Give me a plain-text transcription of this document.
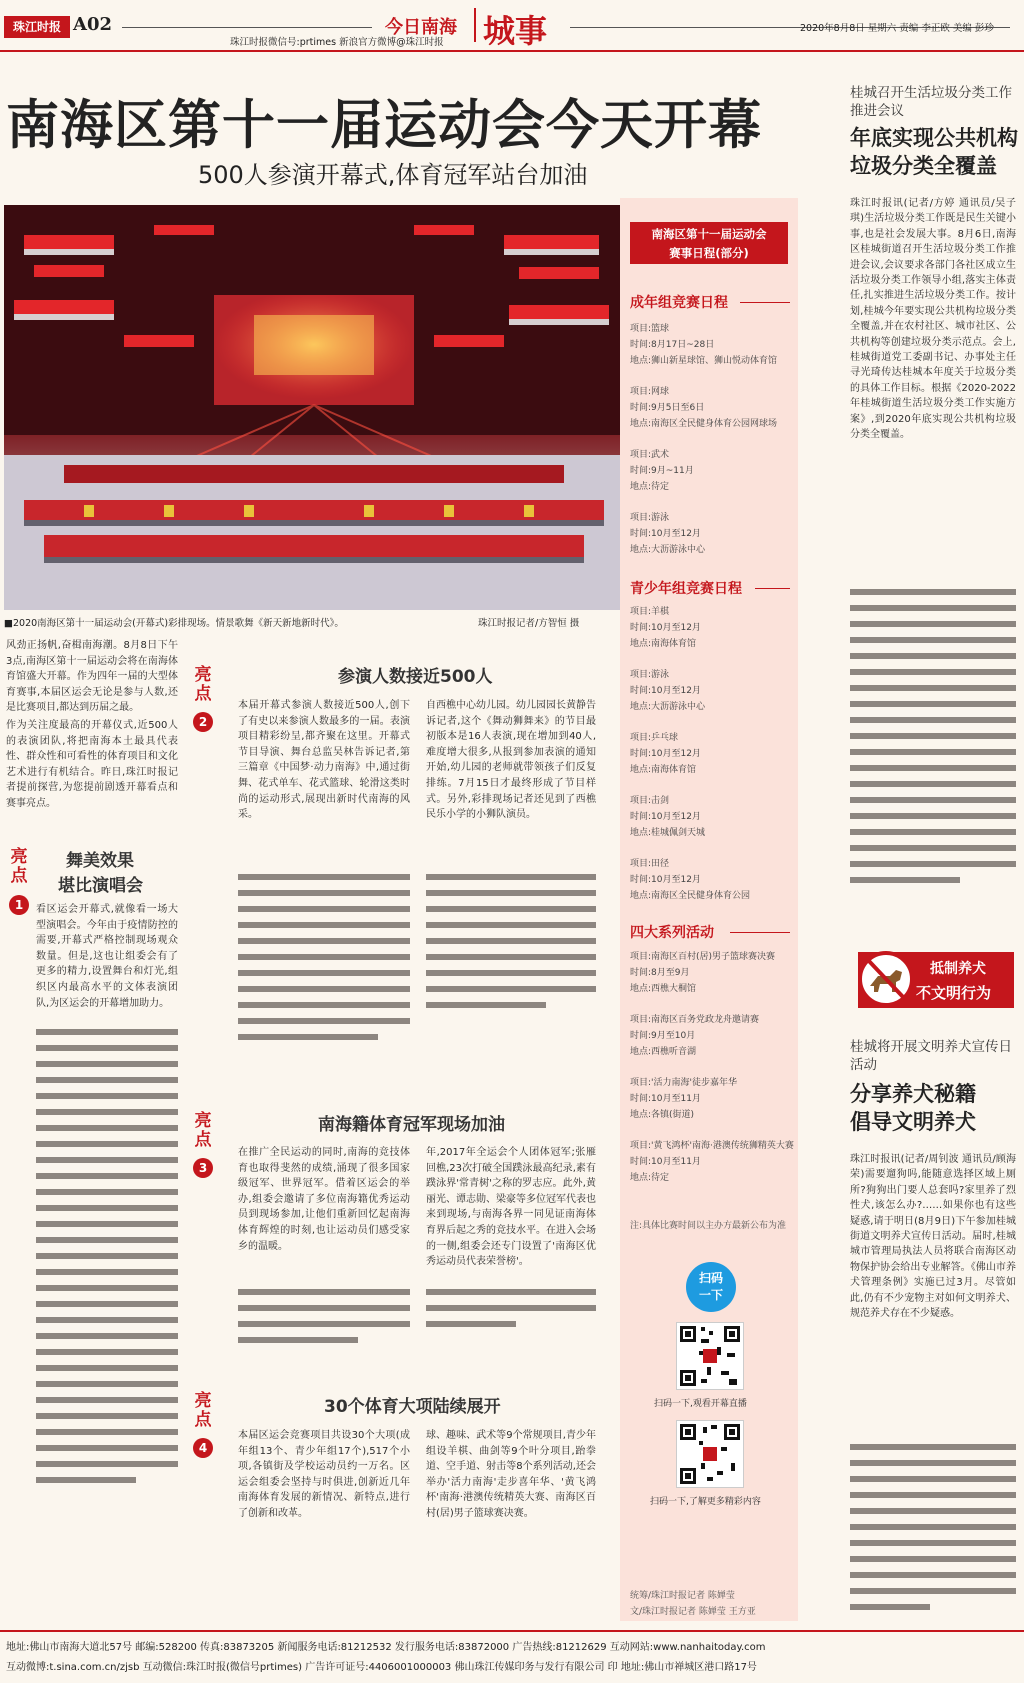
珠江时报 A02	今日南海 城事
珠江时报微信号:prtimes 新浪官方微博@珠江时报
2020年8月8日 星期六 责编 李正欧 美编 彭珍
南海区第十一届运动会今天开幕
500人参演开幕式,体育冠军站台加油
■2020南海区第十一届运动会(开幕式)彩排现场。情景歌舞《新天新地新时代》。	珠江时报记者/方智恒 摄
风劲正扬帆,奋楫南海潮。8月8日下午3点,南海区第十一届运动会将在南海体育馆盛大开幕。作为四年一届的大型体育赛事,本届区运会无论是参与人数,还是比赛项目,都达到历届之最。
作为关注度最高的开幕仪式,近500人的表演团队,将把南海本土最具代表性、群众性和可看性的体育项目和文化艺术进行有机结合。昨日,珠江时报记者提前探营,为您提前剧透开幕看点和赛事亮点。
亮点
1
舞美效果
堪比演唱会
看区运会开幕式,就像看一场大型演唱会。今年由于疫情防控的需要,开幕式严格控制现场观众数量。但是,这也让组委会有了更多的精力,设置舞台和灯光,组织区内最高水平的文体表演团队,为区运会的开幕增加助力。
亮点
2
参演人数接近500人
本届开幕式参演人数接近500人,创下了有史以来参演人数最多的一届。表演项目精彩纷呈,都齐聚在这里。开幕式节目导演、舞台总监吴林告诉记者,第三篇章《中国梦·动力南海》中,通过街舞、花式单车、花式篮球、轮滑这类时尚的运动形式,展现出新时代南海的风采。
自西樵中心幼儿园。幼儿园园长黄静告诉记者,这个《舞动狮舞来》的节目最初版本是16人表演,现在增加到40人,难度增大很多,从报到参加表演的通知开始,幼儿园的老师就带领孩子们反复排练。7月15日才最终形成了节目样式。另外,彩排现场记者还见到了西樵民乐小学的小狮队演员。
亮点
3
南海籍体育冠军现场加油
在推广全民运动的同时,南海的竞技体育也取得斐然的成绩,涌现了很多国家级冠军、世界冠军。借着区运会的举办,组委会邀请了多位南海籍优秀运动员到现场参加,让他们重新回忆起南海体育辉煌的时刻,也让运动员们感受家乡的温暖。
年,2017年全运会个人团体冠军;张雁回樵,23次打破全国蹼泳最高纪录,素有蹼泳界'常青树'之称的罗志应。此外,黄丽光、谭志勋、梁豪等多位冠军代表也来到现场,与南海各界一同见证南海体育界后起之秀的竞技水平。在进入会场的一侧,组委会还专门设置了'南海区优秀运动员代表荣誉榜'。
亮点
4
30个体育大项陆续展开
本届区运会竞赛项目共设30个大项(成年组13个、青少年组17个),517个小项,各镇街及学校运动员约一万名。区运会组委会坚持与时俱进,创新近几年南海体育发展的新情况、新特点,进行了创新和改革。
球、趣味、武术等9个常规项目,青少年组设羊棋、曲剑等9个叶分项目,跆拳道、空手道、射击等8个系列活动,还会举办'活力南海'走步喜年华、'黄飞鸿杯'南海·港澳传统精英大赛、南海区百村(居)男子篮球赛决赛。
南海区第十一届运动会
赛事日程(部分)
成年组竞赛日程
项目:篮球
时间:8月17日~28日
地点:狮山新星球馆、狮山悦动体育馆
项目:网球
时间:9月5日至6日
地点:南海区全民健身体育公园网球场
项目:武术
时间:9月~11月
地点:待定
项目:游泳
时间:10月至12月
地点:大沥游泳中心
青少年组竞赛日程
项目:羊棋
时间:10月至12月
地点:南海体育馆
项目:游泳
时间:10月至12月
地点:大沥游泳中心
项目:乒乓球
时间:10月至12月
地点:南海体育馆
项目:击剑
时间:10月至12月
地点:桂城佩剑天城
项目:田径
时间:10月至12月
地点:南海区全民健身体育公园
四大系列活动
项目:南海区百村(居)男子篮球赛决赛
时间:8月至9月
地点:西樵大桐馆
项目:南海区百务党政龙舟邀请赛
时间:9月至10月
地点:西樵听音湖
项目:'活力南海'徒步嘉年华
时间:10月至11月
地点:各镇(街道)
项目:'黄飞鸿杯'南海·港澳传统狮精英大赛
时间:10月至11月
地点:待定
注:具体比赛时间以主办方最新公布为准
扫码
一下
扫码一下,观看开幕直播
扫码一下,了解更多精彩内容
统筹/珠江时报记者 陈婵莹
文/珠江时报记者 陈婵莹 王方亚
桂城召开生活垃圾分类工作推进会议
年底实现公共机构
垃圾分类全覆盖
珠江时报讯(记者/方婷 通讯员/吴子琪)生活垃圾分类工作既是民生关键小事,也是社会发展大事。8月6日,南海区桂城街道召开生活垃圾分类工作推进会议,会议要求各部门各社区成立生活垃圾分类工作领导小组,落实主体责任,扎实推进生活垃圾分类工作。按计划,桂城今年要实现公共机构垃圾分类全覆盖,并在农村社区、城市社区、公共机构等创建垃圾分类示范点。会上,桂城街道党工委副书记、办事处主任寻光琦传达桂城本年度关于垃圾分类的具体工作目标。根据《2020-2022年桂城街道生活垃圾分类工作实施方案》,到2020年底实现公共机构垃圾分类全覆盖。
抵制养犬
不文明行为
桂城将开展文明养犬宣传日活动
分享养犬秘籍
倡导文明养犬
珠江时报讯(记者/周钊波 通讯员/顾海荣)需要遛狗吗,能随意选择区域上厕所?狗狗出门要人总套吗?家里养了烈性犬,该怎么办?……如果你也有这些疑惑,请于明日(8月9日)下午参加桂城街道文明养犬宣传日活动。届时,桂城城市管理局执法人员将联合南海区动物保护协会给出专业解答。《佛山市养犬管理条例》实施已过3月。尽管如此,仍有不少宠物主对如何文明养犬、规范养犬存在不少疑惑。
地址:佛山市南海大道北57号 邮编:528200 传真:83873205 新闻服务电话:81212532 发行服务电话:83872000 广告热线:81212629 互动网站:www.nanhaitoday.com
互动微博:t.sina.com.cn/zjsb 互动微信:珠江时报(微信号prtimes) 广告许可证号:4406001000003 佛山珠江传媒印务与发行有限公司 印 地址:佛山市禅城区港口路17号
